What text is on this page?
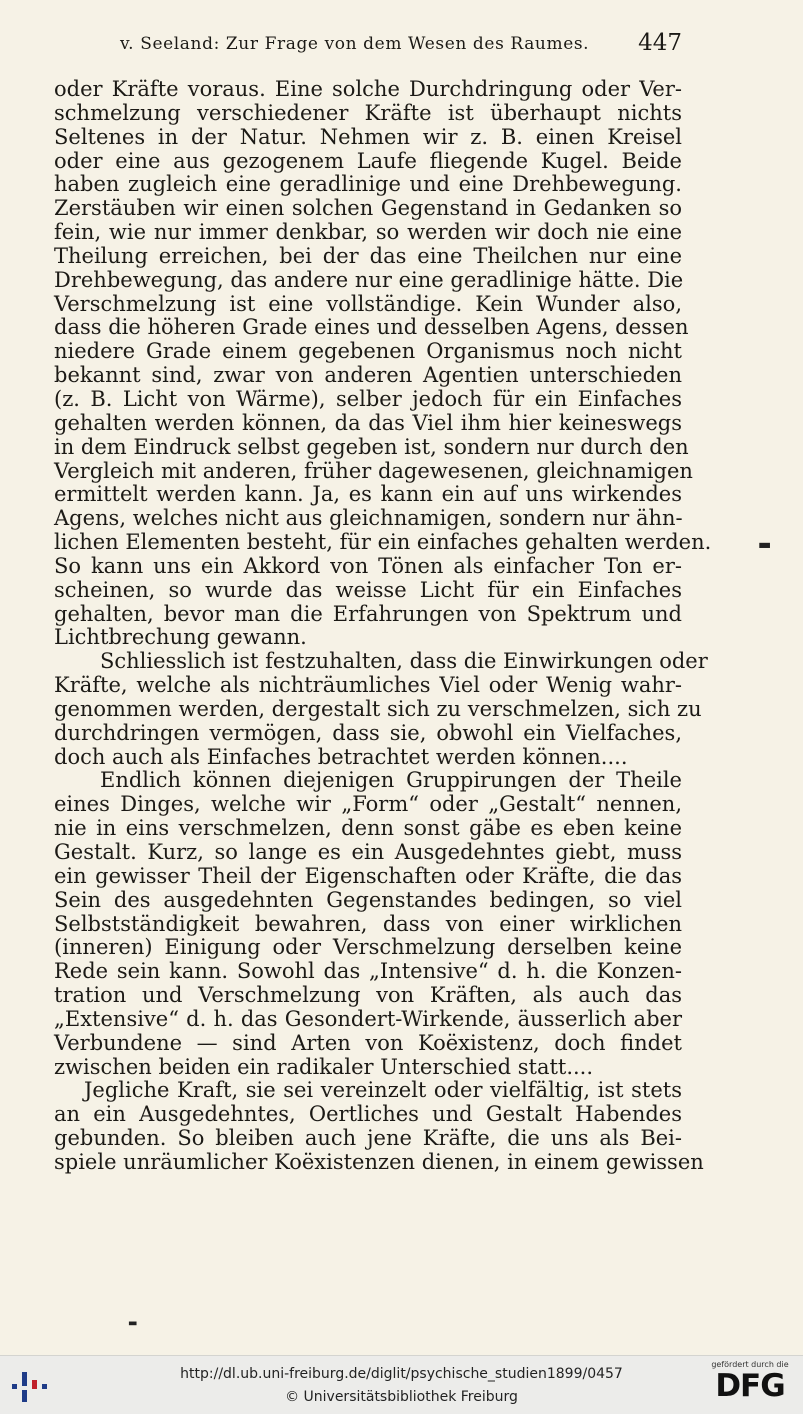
v. Seeland: Zur Frage von dem Wesen des Raumes. 447
oder Kräfte voraus. Eine solche Durchdringung oder Ver-
schmelzung verschiedener Kräfte ist überhaupt nichts
Seltenes in der Natur. Nehmen wir z. B. einen Kreisel
oder eine aus gezogenem Laufe fliegende Kugel. Beide
haben zugleich eine geradlinige und eine Drehbewegung.
Zerstäuben wir einen solchen Gegenstand in Gedanken so
fein, wie nur immer denkbar, so werden wir doch nie eine
Theilung erreichen, bei der das eine Theilchen nur eine
Drehbewegung, das andere nur eine geradlinige hätte. Die
Verschmelzung ist eine vollständige. Kein Wunder also,
dass die höheren Grade eines und desselben Agens, dessen
niedere Grade einem gegebenen Organismus noch nicht
bekannt sind, zwar von anderen Agentien unterschieden
(z. B. Licht von Wärme), selber jedoch für ein Einfaches
gehalten werden können, da das Viel ihm hier keineswegs
in dem Eindruck selbst gegeben ist, sondern nur durch den
Vergleich mit anderen, früher dagewesenen, gleichnamigen
ermittelt werden kann. Ja, es kann ein auf uns wirkendes
Agens, welches nicht aus gleichnamigen, sondern nur ähn-
lichen Elementen besteht, für ein einfaches gehalten werden.
So kann uns ein Akkord von Tönen als einfacher Ton er-
scheinen, so wurde das weisse Licht für ein Einfaches
gehalten, bevor man die Erfahrungen von Spektrum und
Lichtbrechung gewann.
Schliesslich ist festzuhalten, dass die Einwirkungen oder
Kräfte, welche als nichträumliches Viel oder Wenig wahr-
genommen werden, dergestalt sich zu verschmelzen, sich zu
durchdringen vermögen, dass sie, obwohl ein Vielfaches,
doch auch als Einfaches betrachtet werden können....
Endlich können diejenigen Gruppirungen der Theile
eines Dinges, welche wir „Form“ oder „Gestalt“ nennen,
nie in eins verschmelzen, denn sonst gäbe es eben keine
Gestalt. Kurz, so lange es ein Ausgedehntes giebt, muss
ein gewisser Theil der Eigenschaften oder Kräfte, die das
Sein des ausgedehnten Gegenstandes bedingen, so viel
Selbstständigkeit bewahren, dass von einer wirklichen
(inneren) Einigung oder Verschmelzung derselben keine
Rede sein kann. Sowohl das „Intensive“ d. h. die Konzen-
tration und Verschmelzung von Kräften, als auch das
„Extensive“ d. h. das Gesondert-Wirkende, äusserlich aber
Verbundene — sind Arten von Koëxistenz, doch findet
zwischen beiden ein radikaler Unterschied statt....
Jegliche Kraft, sie sei vereinzelt oder vielfältig, ist stets
an ein Ausgedehntes, Oertliches und Gestalt Habendes
gebunden. So bleiben auch jene Kräfte, die uns als Bei-
spiele unräumlicher Koëxistenzen dienen, in einem gewissen
▬
▬
http://dl.ub.uni-freiburg.de/diglit/psychische_studien1899/0457
© Universitätsbibliothek Freiburg
gefördert durch die
DFG
